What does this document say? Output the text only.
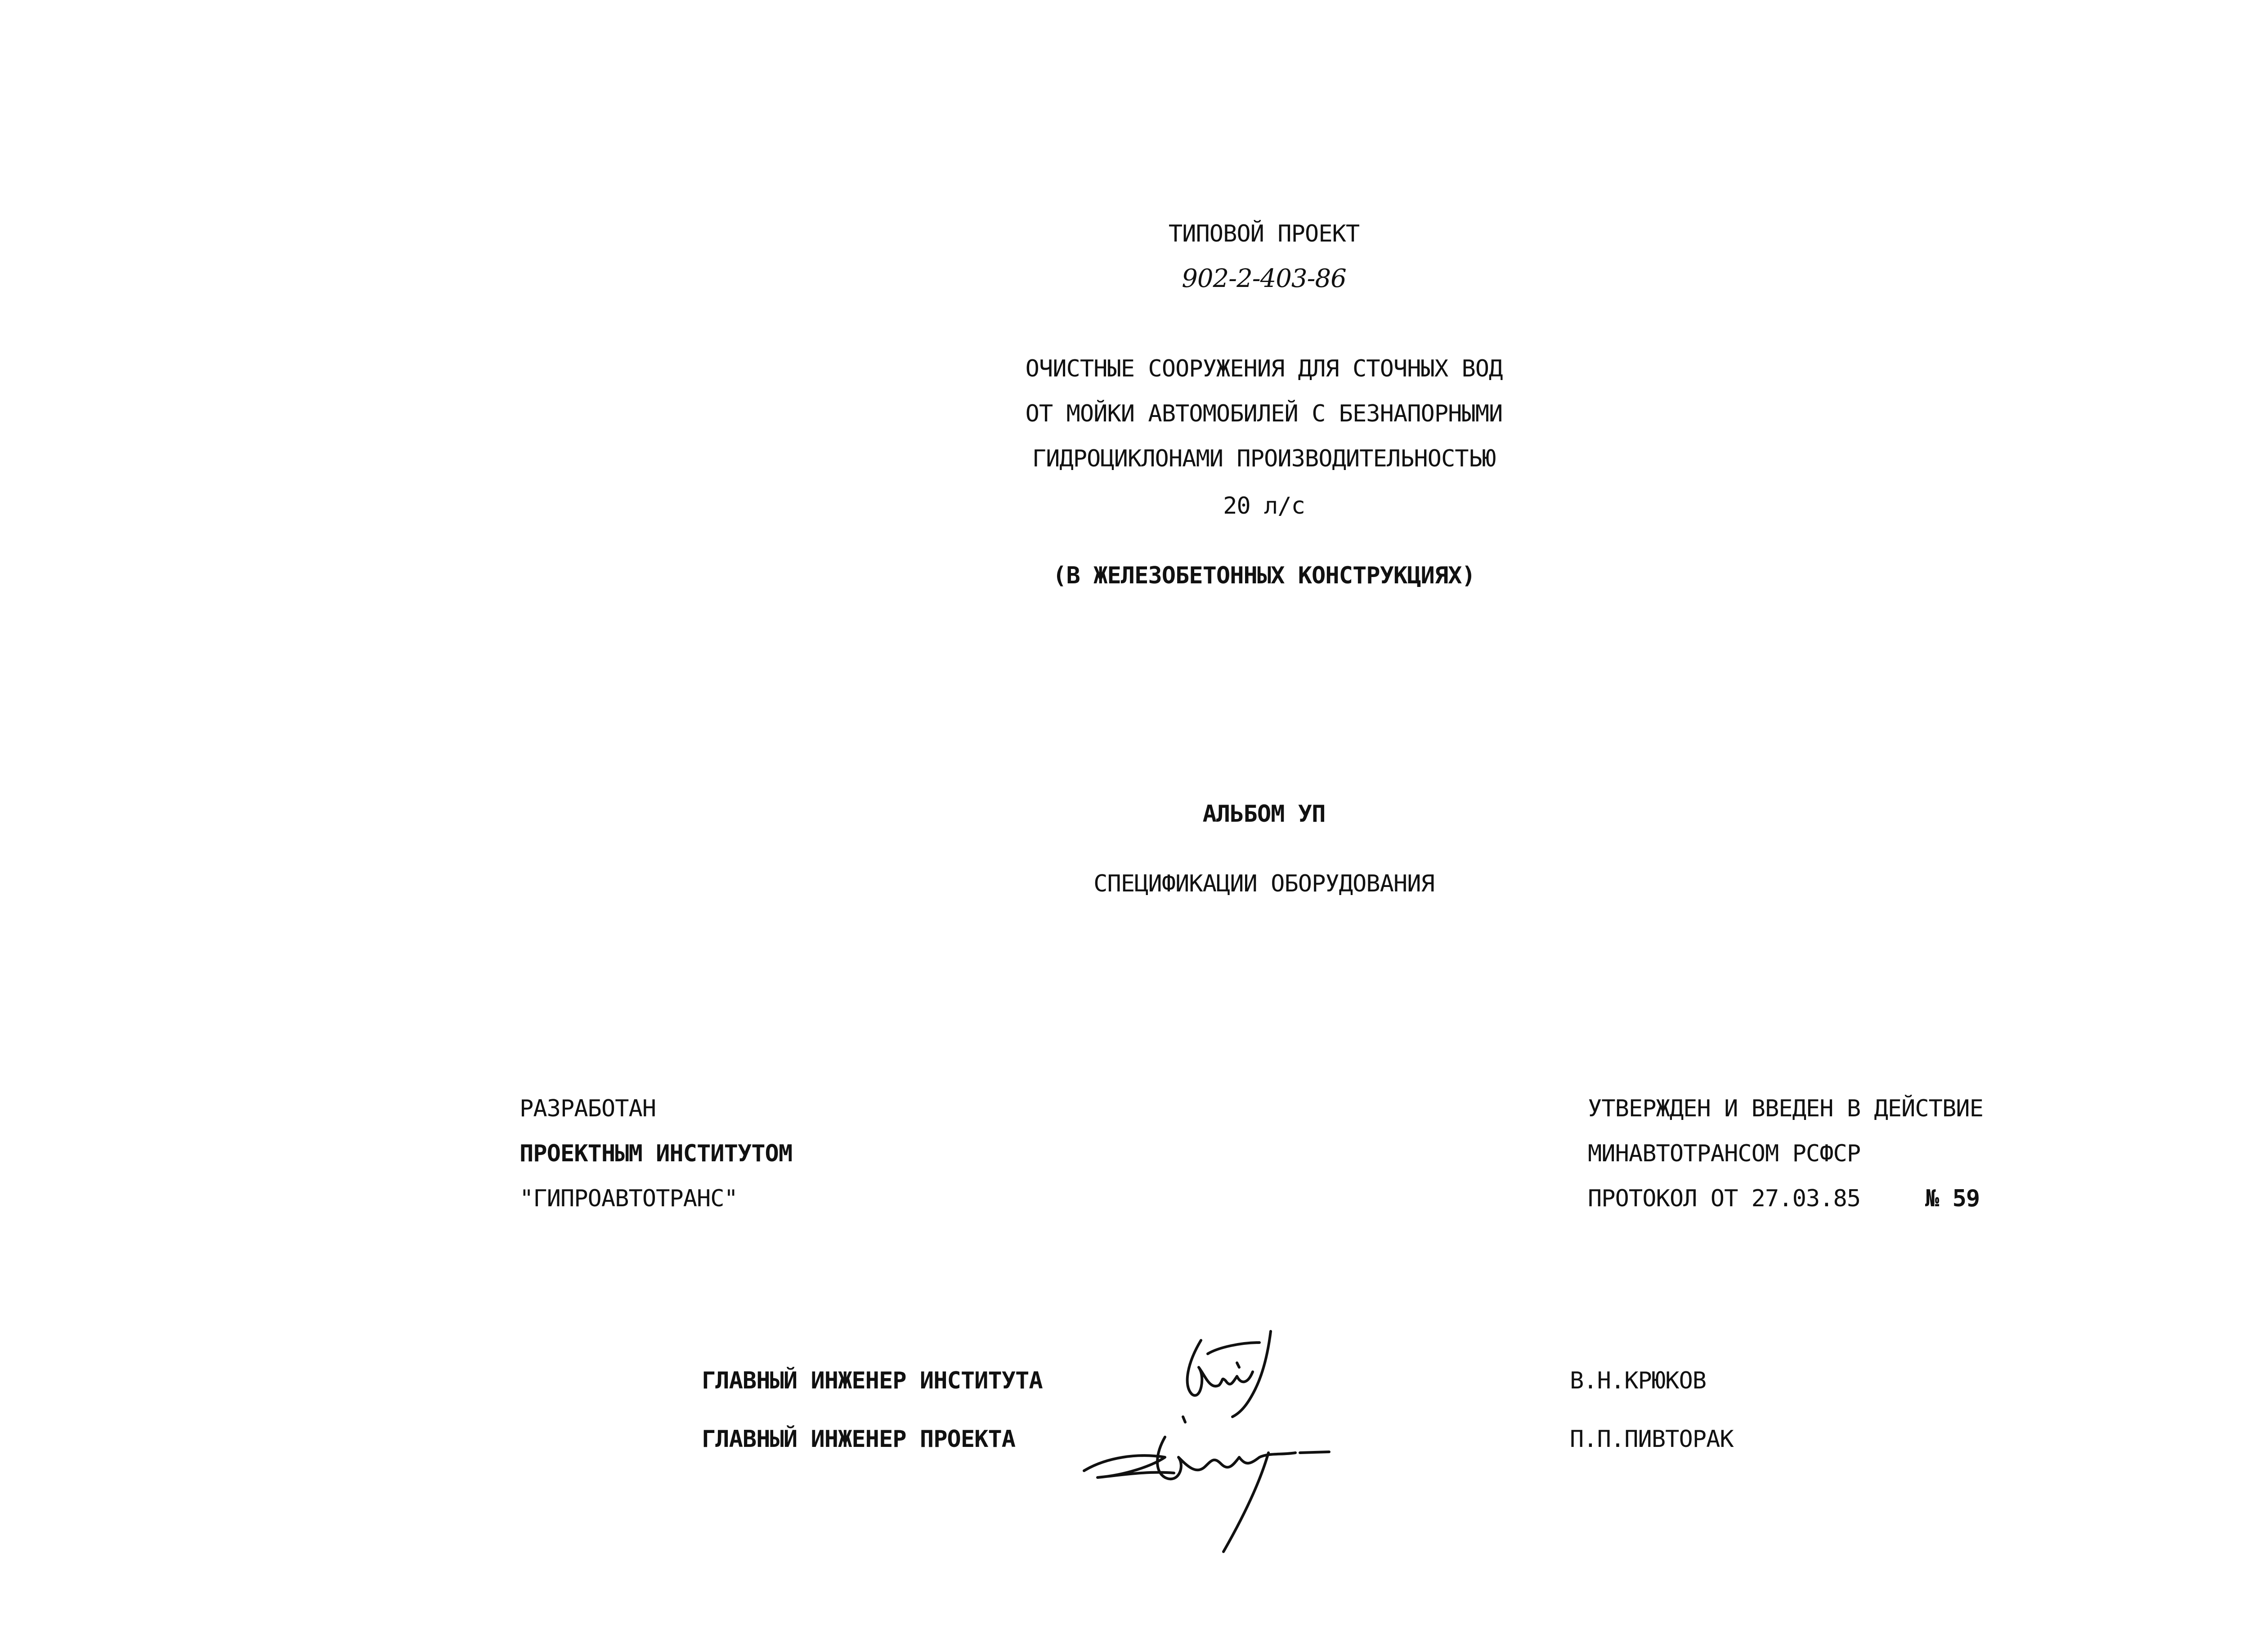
ТИПОВОЙ ПРОЕКТ
902-2-403-86
ОЧИСТНЫЕ СООРУЖЕНИЯ ДЛЯ СТОЧНЫХ ВОД
ОТ МОЙКИ АВТОМОБИЛЕЙ С БЕЗНАПОРНЫМИ
ГИДРОЦИКЛОНАМИ ПРОИЗВОДИТЕЛЬНОСТЬЮ
20 л/с
(В ЖЕЛЕЗОБЕТОННЫХ КОНСТРУКЦИЯХ)
АЛЬБОМ УП
СПЕЦИФИКАЦИИ ОБОРУДОВАНИЯ
РАЗРАБОТАН
ПРОЕКТНЫМ ИНСТИТУТОМ
"ГИПРОАВТОТРАНС"
УТВЕРЖДЕН И ВВЕДЕН В ДЕЙСТВИЕ
МИНАВТОТРАНСОМ РСФСР
ПРОТОКОЛ ОТ 27.03.85	№ 59
ГЛАВНЫЙ ИНЖЕНЕР ИНСТИТУТА	В.Н.КРЮКОВ
ГЛАВНЫЙ ИНЖЕНЕР ПРОЕКТА	П.П.ПИВТОРАК
